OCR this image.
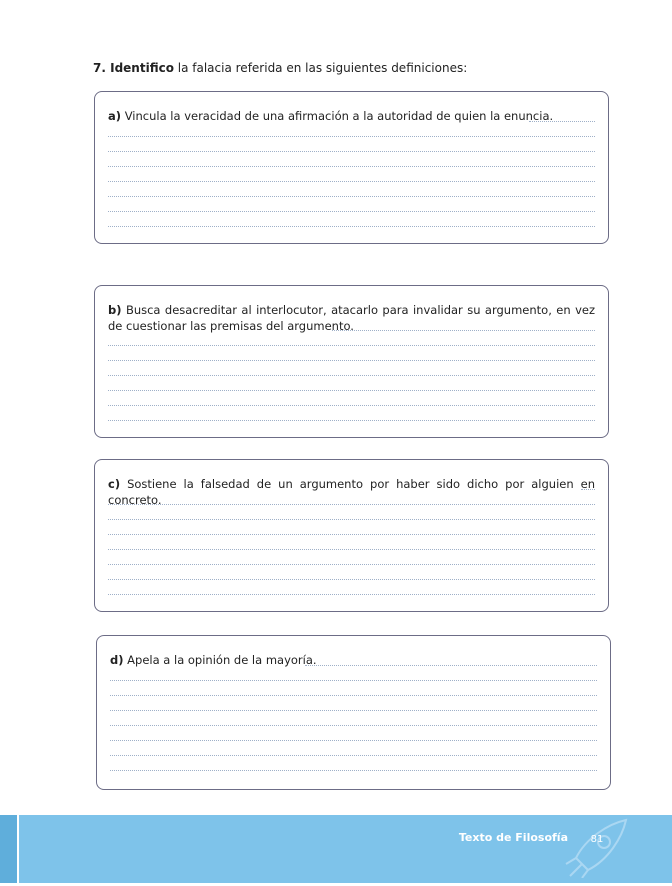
7. Identifico la falacia referida en las siguientes definiciones:
a) Vincula la veracidad de una afirmación a la autoridad de quien la enuncia.
b) Busca desacreditar al interlocutor, atacarlo para invalidar su argumento, en vez de cuestionar las premisas del argumento.
c) Sostiene la falsedad de un argumento por haber sido dicho por alguien en concreto.
d) Apela a la opinión de la mayoría.
Texto de Filosofía 81
